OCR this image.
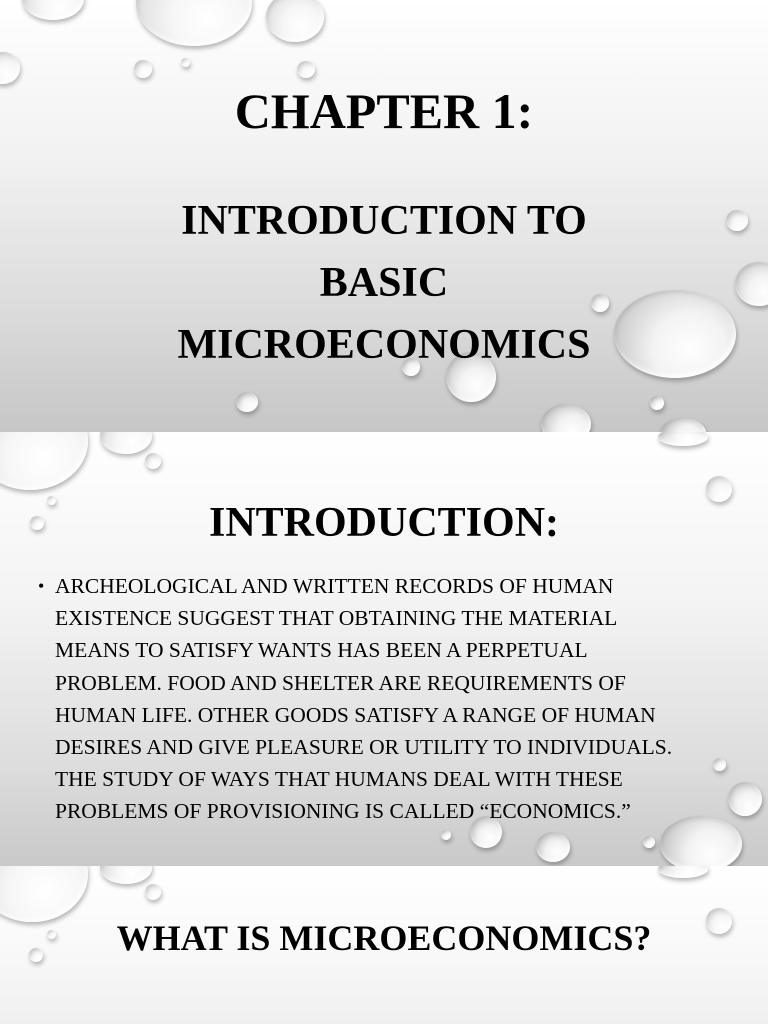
CHAPTER 1:
INTRODUCTION TO
BASIC
MICROECONOMICS
INTRODUCTION:
• ARCHEOLOGICAL AND WRITTEN RECORDS OF HUMAN
EXISTENCE SUGGEST THAT OBTAINING THE MATERIAL
MEANS TO SATISFY WANTS HAS BEEN A PERPETUAL
PROBLEM. FOOD AND SHELTER ARE REQUIREMENTS OF
HUMAN LIFE. OTHER GOODS SATISFY A RANGE OF HUMAN
DESIRES AND GIVE PLEASURE OR UTILITY TO INDIVIDUALS.
THE STUDY OF WAYS THAT HUMANS DEAL WITH THESE
PROBLEMS OF PROVISIONING IS CALLED “ECONOMICS.”
WHAT IS MICROECONOMICS?
